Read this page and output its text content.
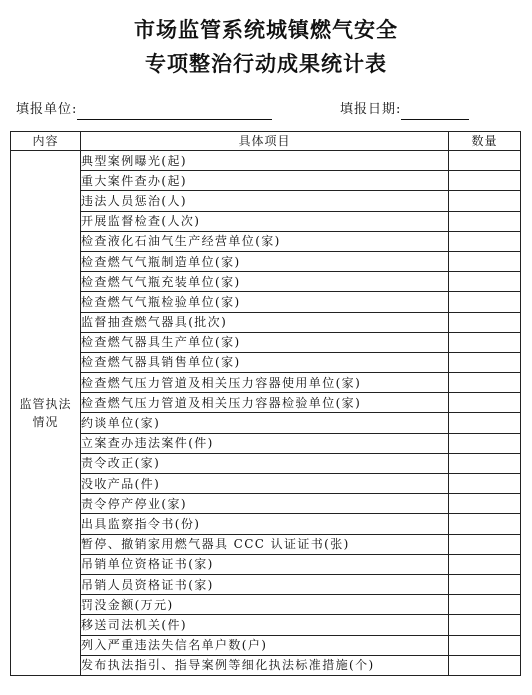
市场监管系统城镇燃气安全
专项整治行动成果统计表
填报单位:	填报日期:
内容	具体项目	数量
监管执法
情况	典型案例曝光(起)	
	重大案件查办(起)	
	违法人员惩治(人)	
	开展监督检查(人次)	
	检查液化石油气生产经营单位(家)	
	检查燃气气瓶制造单位(家)	
	检查燃气气瓶充装单位(家)	
	检查燃气气瓶检验单位(家)	
	监督抽查燃气器具(批次)	
	检查燃气器具生产单位(家)	
	检查燃气器具销售单位(家)	
	检查燃气压力管道及相关压力容器使用单位(家)	
	检查燃气压力管道及相关压力容器检验单位(家)	
	约谈单位(家)	
	立案查办违法案件(件)	
	责令改正(家)	
	没收产品(件)	
	责令停产停业(家)	
	出具监察指令书(份)	
	暂停、撤销家用燃气器具 CCC 认证证书(张)	
	吊销单位资格证书(家)	
	吊销人员资格证书(家)	
	罚没金额(万元)	
	移送司法机关(件)	
	列入严重违法失信名单户数(户)	
	发布执法指引、指导案例等细化执法标准措施(个)	
